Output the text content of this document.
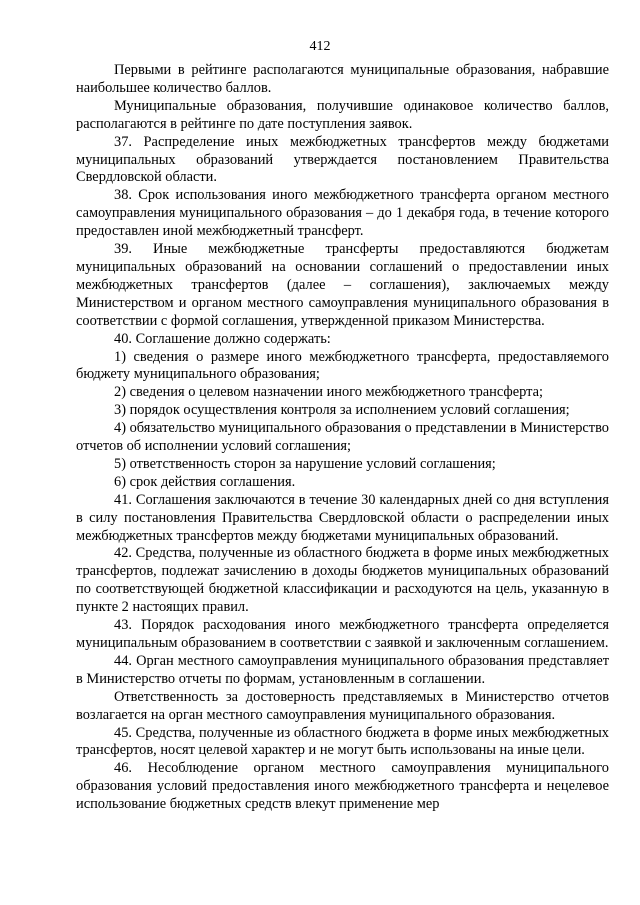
412

Первыми в рейтинге располагаются муниципальные образования, набравшие наибольшее количество баллов.

Муниципальные образования, получившие одинаковое количество баллов, располагаются в рейтинге по дате поступления заявок.

37. Распределение иных межбюджетных трансфертов между бюджетами муниципальных образований утверждается постановлением Правительства Свердловской области.

38. Срок использования иного межбюджетного трансферта органом местного самоуправления муниципального образования – до 1 декабря года, в течение которого предоставлен иной межбюджетный трансферт.

39. Иные межбюджетные трансферты предоставляются бюджетам муниципальных образований на основании соглашений о предоставлении иных межбюджетных трансфертов (далее – соглашения), заключаемых между Министерством и органом местного самоуправления муниципального образования в соответствии с формой соглашения, утвержденной приказом Министерства.

40. Соглашение должно содержать:

1) сведения о размере иного межбюджетного трансферта, предоставляемого бюджету муниципального образования;

2) сведения о целевом назначении иного межбюджетного трансферта;

3) порядок осуществления контроля за исполнением условий соглашения;

4) обязательство муниципального образования о представлении в Министерство отчетов об исполнении условий соглашения;

5) ответственность сторон за нарушение условий соглашения;

6) срок действия соглашения.

41. Соглашения заключаются в течение 30 календарных дней со дня вступления в силу постановления Правительства Свердловской области о распределении иных межбюджетных трансфертов между бюджетами муниципальных образований.

42. Средства, полученные из областного бюджета в форме иных межбюджетных трансфертов, подлежат зачислению в доходы бюджетов муниципальных образований по соответствующей бюджетной классификации и расходуются на цель, указанную в пункте 2 настоящих правил.

43. Порядок расходования иного межбюджетного трансферта определяется муниципальным образованием в соответствии с заявкой и заключенным соглашением.

44. Орган местного самоуправления муниципального образования представляет в Министерство отчеты по формам, установленным в соглашении.

Ответственность за достоверность представляемых в Министерство отчетов возлагается на орган местного самоуправления муниципального образования.

45. Средства, полученные из областного бюджета в форме иных межбюджетных трансфертов, носят целевой характер и не могут быть использованы на иные цели.

46. Несоблюдение органом местного самоуправления муниципального образования условий предоставления иного межбюджетного трансферта и нецелевое использование бюджетных средств влекут применение мер
